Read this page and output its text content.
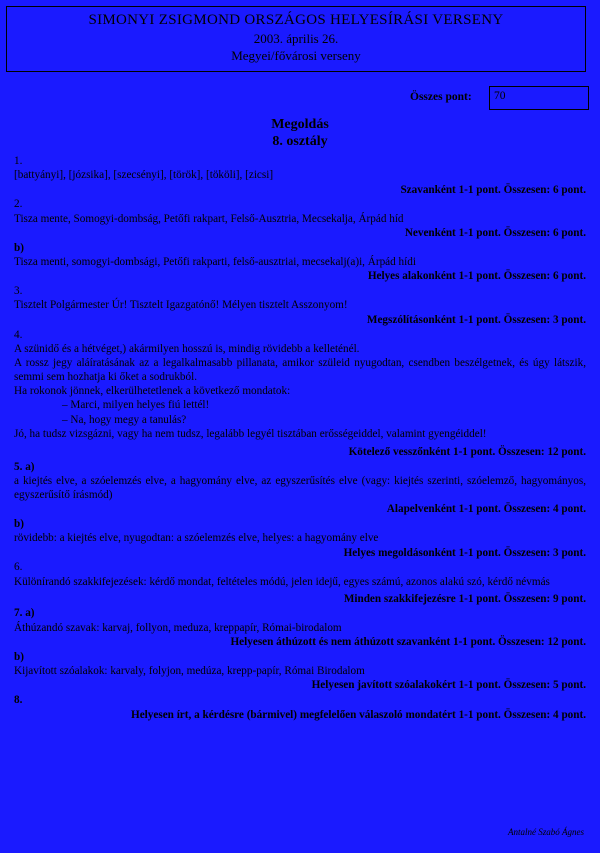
SIMONYI ZSIGMOND ORSZÁGOS HELYESÍRÁSI VERSENY
2003. április 26.
Megyei/fővárosi verseny
Összes pont:	70
Megoldás
8. osztály
1.
[battyányi], [józsika], [szecsényi], [török], [tököli], [zicsi]
Szavanként 1-1 pont. Összesen: 6 pont.
2.
Tisza mente, Somogyi-dombság, Petőfi rakpart, Felső-Ausztria, Mecsekalja, Árpád híd
Nevenként 1-1 pont. Összesen: 6 pont.
b)
Tisza menti, somogyi-dombsági, Petőfi rakparti, felső-ausztriai, mecsekalj(a)i, Árpád hídi
Helyes alakonként 1-1 pont. Összesen: 6 pont.
3.
Tisztelt Polgármester Úr! Tisztelt Igazgatónő! Mélyen tisztelt Asszonyom!
Megszólításonként 1-1 pont. Összesen: 3 pont.
4.
A szünidő és a hétvéget,) akármilyen hosszú is, mindig rövidebb a kelleténél.
A rossz jegy aláíratásának az a legalkalmasabb pillanata, amikor szüleid nyugodtan, csendben beszélgetnek, és úgy látszik, semmi sem hozhatja ki őket a sodrukból.
Ha rokonok jönnek, elkerülhetetlenek a következő mondatok:
– Marci, milyen helyes fiú lettél!
– Na, hogy megy a tanulás?
Jó, ha tudsz vizsgázni, vagy ha nem tudsz, legalább legyél tisztában erősségeiddel, valamint gyengéiddel!
Kötelező vesszőnként 1-1 pont. Összesen: 12 pont.
5. a)
a kiejtés elve, a szóelemzés elve, a hagyomány elve, az egyszerűsítés elve (vagy: kiejtés szerinti, szóelemző, hagyományos, egyszerűsítő írásmód)
Alapelvenként 1-1 pont. Összesen: 4 pont.
b)
rövidebb: a kiejtés elve, nyugodtan: a szóelemzés elve, helyes: a hagyomány elve
Helyes megoldásonként 1-1 pont. Összesen: 3 pont.
6.
Különírandó szakkifejezések: kérdő mondat, feltételes módú, jelen idejű, egyes számú, azonos alakú szó, kérdő névmás
Minden szakkifejezésre 1-1 pont. Összesen: 9 pont.
7. a)
Áthúzandó szavak: karvaj, follyon, meduza, kreppapír, Római-birodalom
Helyesen áthúzott és nem áthúzott szavanként 1-1 pont. Összesen: 12 pont.
b)
Kijavított szóalakok: karvaly, folyjon, medúza, krepp-papír, Római Birodalom
Helyesen javított szóalakokért 1-1 pont. Összesen: 5 pont.
8.
Helyesen írt, a kérdésre (bármivel) megfelelően válaszoló mondatért 1-1 pont. Összesen: 4 pont.
Antalné Szabó Ágnes
